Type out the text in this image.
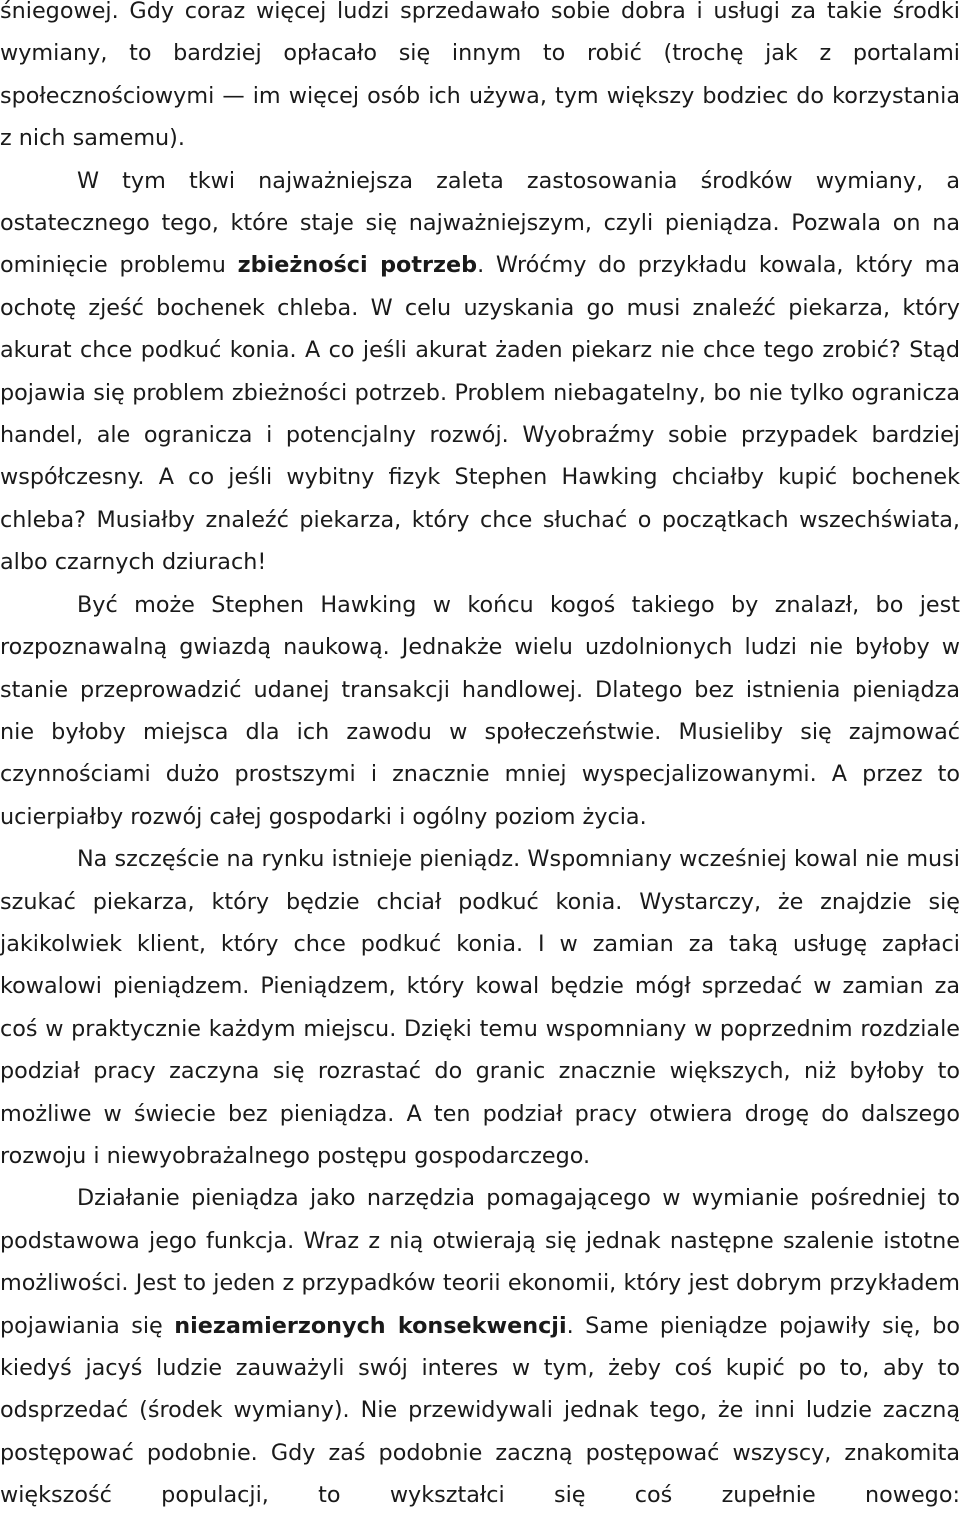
śniegowej. Gdy coraz więcej ludzi sprzedawało sobie dobra i usługi za takie środki wymiany, to bardziej opłacało się innym to robić (trochę jak z portalami społecznościowymi — im więcej osób ich używa, tym większy bodziec do korzystania z nich samemu).

W tym tkwi najważniejsza zaleta zastosowania środków wymiany, a ostatecznego tego, które staje się najważniejszym, czyli pieniądza. Pozwala on na ominięcie problemu zbieżności potrzeb. Wróćmy do przykładu kowala, który ma ochotę zjeść bochenek chleba. W celu uzyskania go musi znaleźć piekarza, który akurat chce podkuć konia. A co jeśli akurat żaden piekarz nie chce tego zrobić? Stąd pojawia się problem zbieżności potrzeb. Problem niebagatelny, bo nie tylko ogranicza handel, ale ogranicza i potencjalny rozwój. Wyobraźmy sobie przypadek bardziej współczesny. A co jeśli wybitny fizyk Stephen Hawking chciałby kupić bochenek chleba? Musiałby znaleźć piekarza, który chce słuchać o początkach wszechświata, albo czarnych dziurach!

Być może Stephen Hawking w końcu kogoś takiego by znalazł, bo jest rozpoznawalną gwiazdą naukową. Jednakże wielu uzdolnionych ludzi nie byłoby w stanie przeprowadzić udanej transakcji handlowej. Dlatego bez istnienia pieniądza nie byłoby miejsca dla ich zawodu w społeczeństwie. Musieliby się zajmować czynnościami dużo prostszymi i znacznie mniej wyspecjalizowanymi. A przez to ucierpiałby rozwój całej gospodarki i ogólny poziom życia.

Na szczęście na rynku istnieje pieniądz. Wspomniany wcześniej kowal nie musi szukać piekarza, który będzie chciał podkuć konia. Wystarczy, że znajdzie się jakikolwiek klient, który chce podkuć konia. I w zamian za taką usługę zapłaci kowalowi pieniądzem. Pieniądzem, który kowal będzie mógł sprzedać w zamian za coś w praktycznie każdym miejscu. Dzięki temu wspomniany w poprzednim rozdziale podział pracy zaczyna się rozrastać do granic znacznie większych, niż byłoby to możliwe w świecie bez pieniądza. A ten podział pracy otwiera drogę do dalszego rozwoju i niewyobrażalnego postępu gospodarczego.

Działanie pieniądza jako narzędzia pomagającego w wymianie pośredniej to podstawowa jego funkcja. Wraz z nią otwierają się jednak następne szalenie istotne możliwości. Jest to jeden z przypadków teorii ekonomii, który jest dobrym przykładem pojawiania się niezamierzonych konsekwencji. Same pieniądze pojawiły się, bo kiedyś jacyś ludzie zauważyli swój interes w tym, żeby coś kupić po to, aby to odsprzedać (środek wymiany). Nie przewidywali jednak tego, że inni ludzie zaczną postępować podobnie. Gdy zaś podobnie zaczną postępować wszyscy, znakomita większość populacji, to wykształci się coś zupełnie nowego:
